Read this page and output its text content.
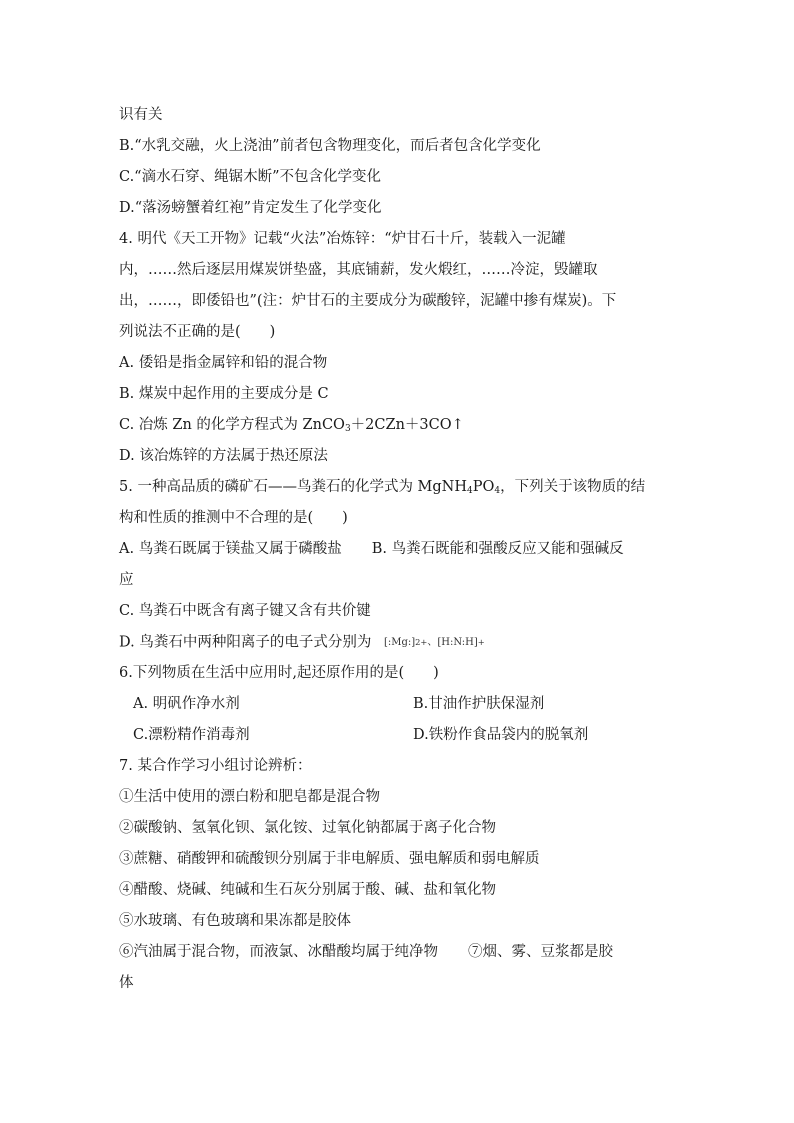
识有关
B.“水乳交融，火上浇油”前者包含物理变化，而后者包含化学变化
C.“滴水石穿、绳锯木断”不包含化学变化
D.“落汤螃蟹着红袍”肯定发生了化学变化
4. 明代《天工开物》记载“火法”冶炼锌：“炉甘石十斤，装载入一泥罐
内，……然后逐层用煤炭饼垫盛，其底铺薪，发火煅红，……冷淀，毁罐取
出，……，即倭铅也”(注：炉甘石的主要成分为碳酸锌，泥罐中掺有煤炭)。下
列说法不正确的是(　　)
A. 倭铅是指金属锌和铅的混合物
B. 煤炭中起作用的主要成分是 C
C. 冶炼 Zn 的化学方程式为 ZnCO$_3$＋2CZn＋3CO↑
D. 该冶炼锌的方法属于热还原法
5. 一种高品质的磷矿石——鸟粪石的化学式为 $MgNH_4PO_4$，下列关于该物质的结
构和性质的推测中不合理的是(　　)
A. 鸟粪石既属于镁盐又属于磷酸盐 B. 鸟粪石既能和强酸反应又能和强碱反
应
C. 鸟粪石中既含有离子键又含有共价键
D. 鸟粪石中两种阳离子的电子式分别为 [:Mg:] 2+ 、[H:N:H] +
6.下列物质在生活中应用时,起还原作用的是(　　)
A. 明矾作净水剂	B.甘油作护肤保湿剂
C.漂粉精作消毒剂	D.铁粉作食品袋内的脱氧剂
7. 某合作学习小组讨论辨析：
①生活中使用的漂白粉和肥皂都是混合物
②碳酸钠、氢氧化钡、氯化铵、过氧化钠都属于离子化合物
③蔗糖、硝酸钾和硫酸钡分别属于非电解质、强电解质和弱电解质
④醋酸、烧碱、纯碱和生石灰分别属于酸、碱、盐和氧化物
⑤水玻璃、有色玻璃和果冻都是胶体
⑥汽油属于混合物，而液氯、冰醋酸均属于纯净物 ⑦烟、雾、豆浆都是胶
体
